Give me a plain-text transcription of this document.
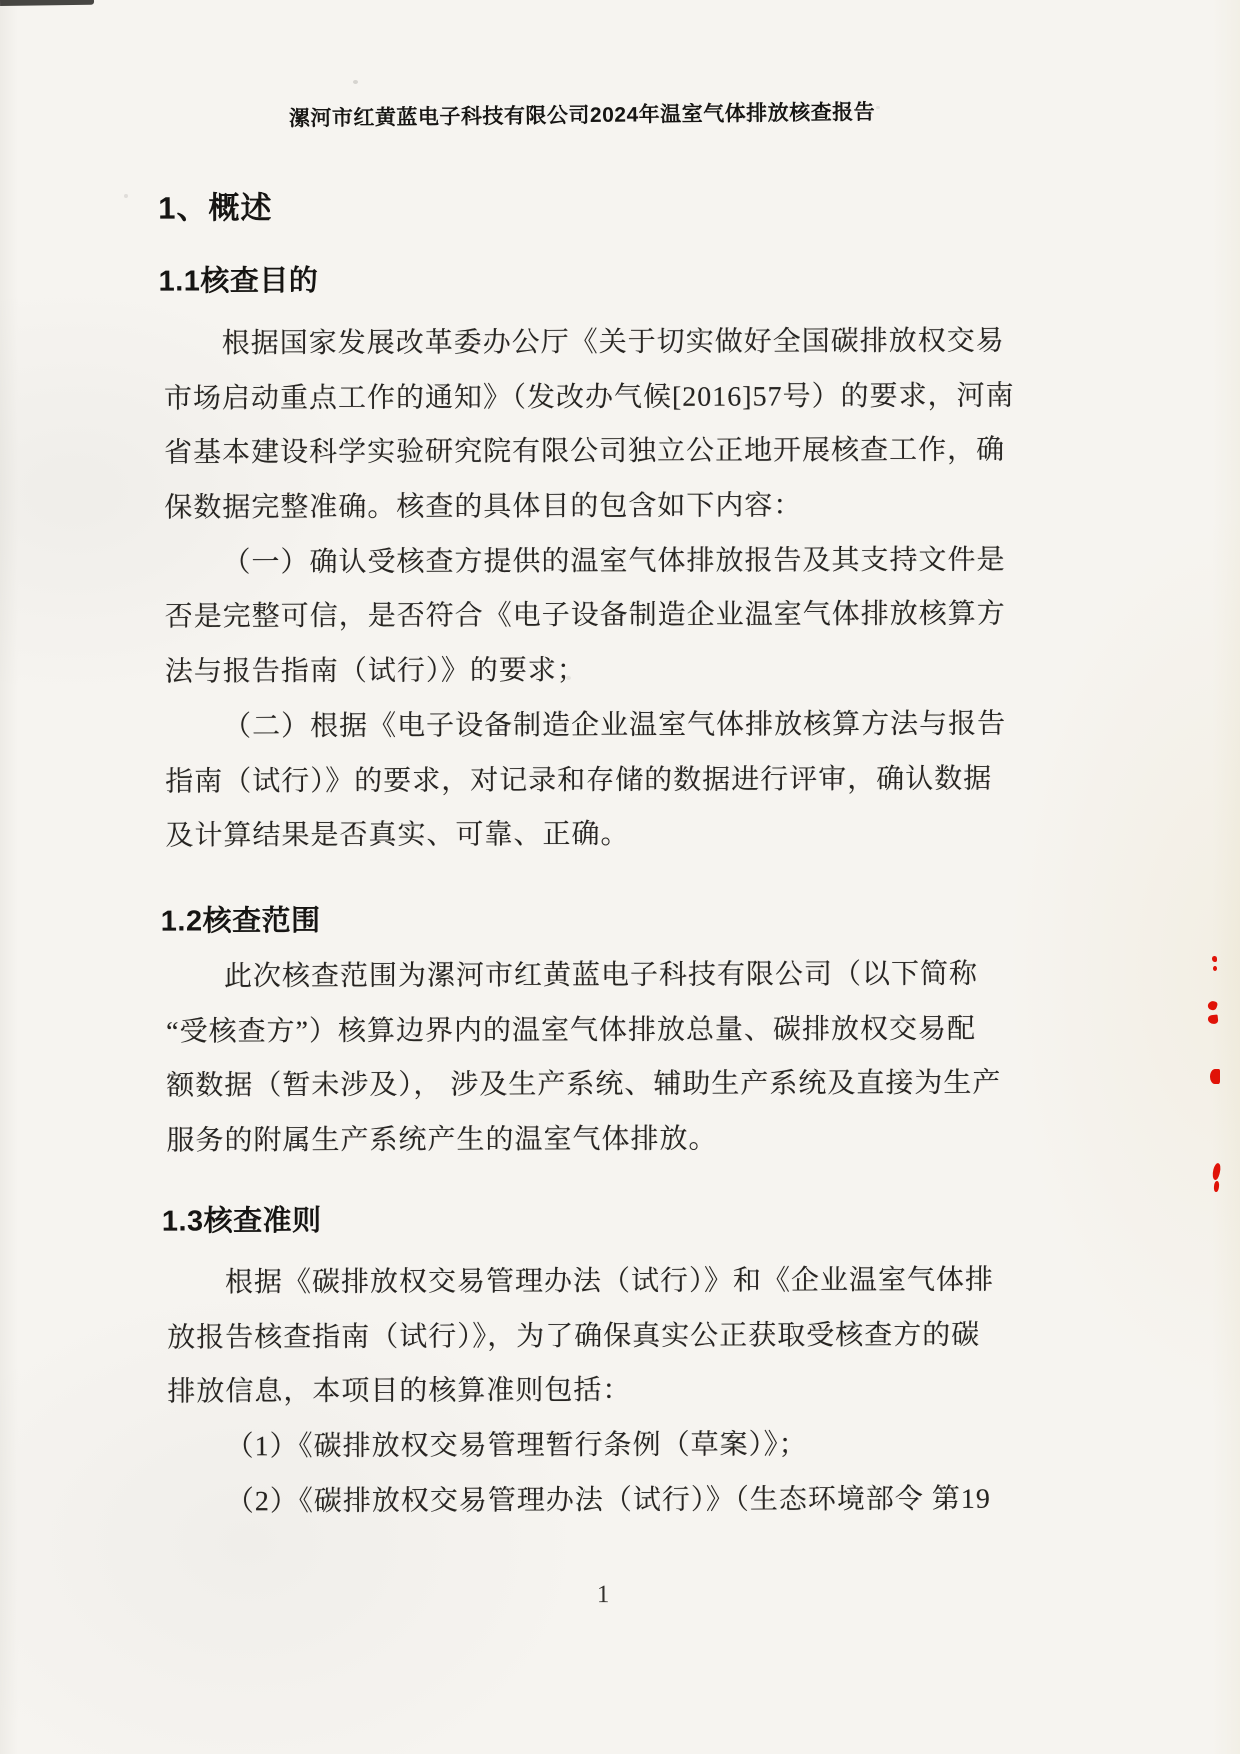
漯河市红黄蓝电子科技有限公司2024年温室气体排放核查报告
1、概述
1.1核查目的
根据国家发展改革委办公厅《关于切实做好全国碳排放权交易
市场启动重点工作的通知》（发改办气候[2016]57号）的要求，河南
省基本建设科学实验研究院有限公司独立公正地开展核查工作，确
保数据完整准确。核查的具体目的包含如下内容：
（一）确认受核查方提供的温室气体排放报告及其支持文件是
否是完整可信，是否符合《电子设备制造企业温室气体排放核算方
法与报告指南（试行）》的要求；
（二）根据《电子设备制造企业温室气体排放核算方法与报告
指南（试行）》的要求，对记录和存储的数据进行评审，确认数据
及计算结果是否真实、可靠、正确。
1.2核查范围
此次核查范围为漯河市红黄蓝电子科技有限公司（以下简称
“受核查方”）核算边界内的温室气体排放总量、碳排放权交易配
额数据（暂未涉及）， 涉及生产系统、辅助生产系统及直接为生产
服务的附属生产系统产生的温室气体排放。
1.3核查准则
根据《碳排放权交易管理办法（试行）》和《企业温室气体排
放报告核查指南（试行）》，为了确保真实公正获取受核查方的碳
排放信息，本项目的核算准则包括：
（1）《碳排放权交易管理暂行条例（草案）》；
（2）《碳排放权交易管理办法（试行）》（生态环境部令 第19
1
